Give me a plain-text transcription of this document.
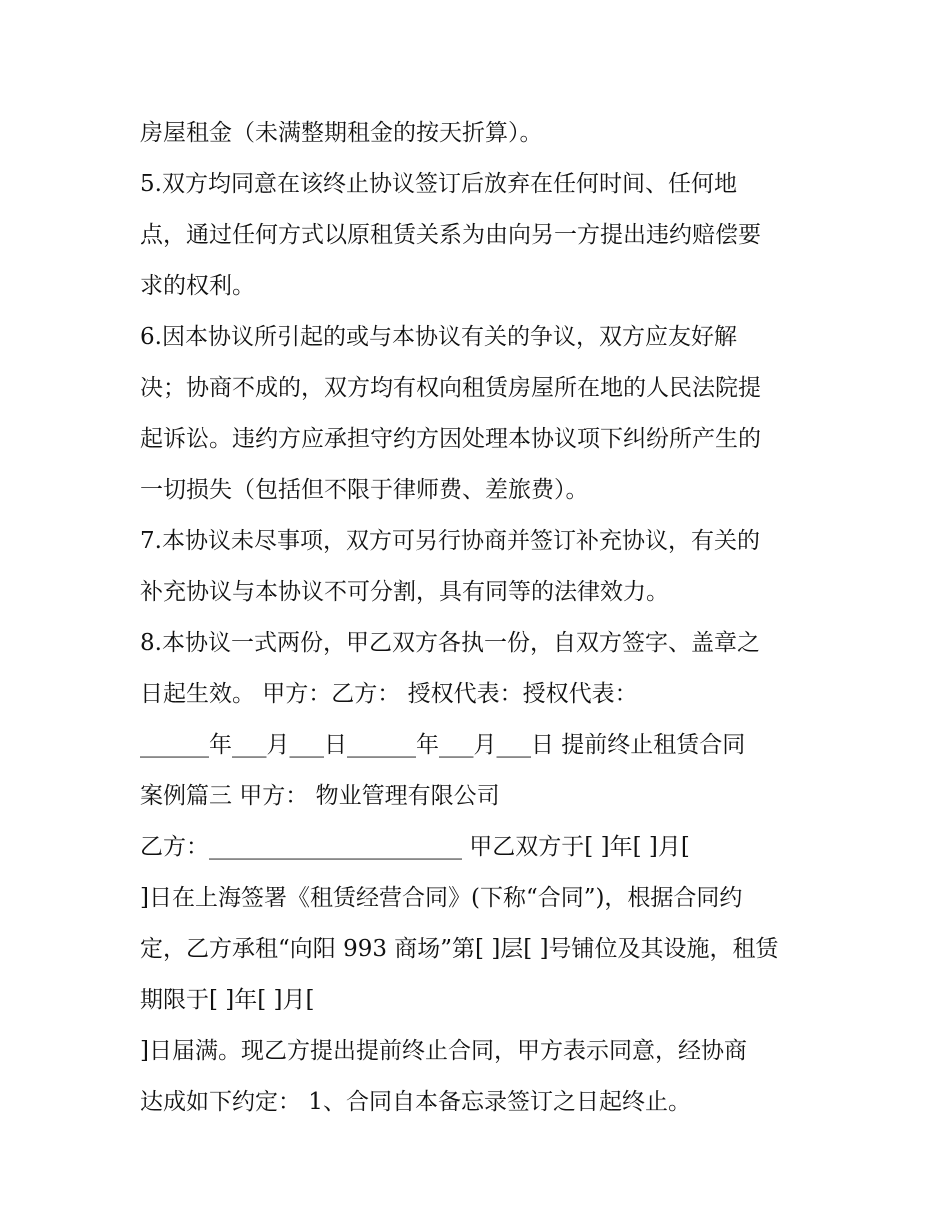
房屋租金（未满整期租金的按天折算）。
5.双方均同意在该终止协议签订后放弃在任何时间、任何地
点，通过任何方式以原租赁关系为由向另一方提出违约赔偿要
求的权利。
6.因本协议所引起的或与本协议有关的争议，双方应友好解
决；协商不成的，双方均有权向租赁房屋所在地的人民法院提
起诉讼。违约方应承担守约方因处理本协议项下纠纷所产生的
一切损失（包括但不限于律师费、差旅费）。
7.本协议未尽事项，双方可另行协商并签订补充协议，有关的
补充协议与本协议不可分割，具有同等的法律效力。
8.本协议一式两份，甲乙双方各执一份，自双方签字、盖章之
日起生效。 甲方：乙方： 授权代表：授权代表：
______年___月___日______年___月___日 提前终止租赁合同
案例篇三 甲方： 物业管理有限公司
乙方：______________________ 甲乙双方于[ ]年[ ]月[
]日在上海签署《租赁经营合同》(下称“合同”)，根据合同约
定，乙方承租“向阳 993 商场”第[ ]层[ ]号铺位及其设施，租赁
期限于[ ]年[ ]月[
]日届满。现乙方提出提前终止合同，甲方表示同意，经协商
达成如下约定： 1、合同自本备忘录签订之日起终止。
